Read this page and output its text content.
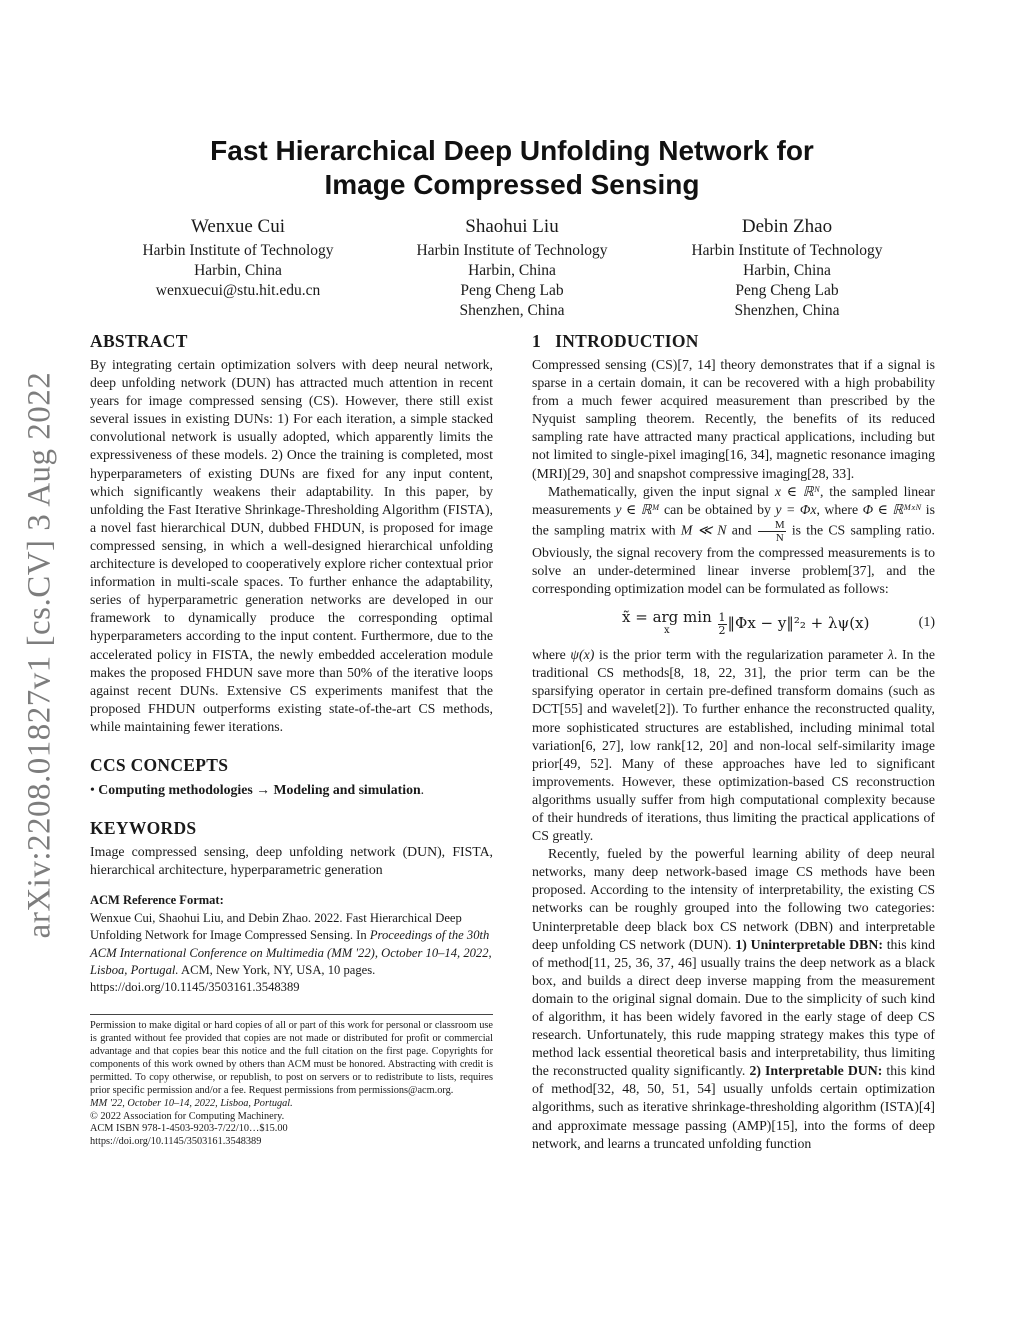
arXiv:2208.01827v1 [cs.CV] 3 Aug 2022
Fast Hierarchical Deep Unfolding Network for
Image Compressed Sensing
Wenxue Cui
Harbin Institute of Technology
Harbin, China
wenxuecui@stu.hit.edu.cn
Shaohui Liu
Harbin Institute of Technology
Harbin, China
Peng Cheng Lab
Shenzhen, China
Debin Zhao
Harbin Institute of Technology
Harbin, China
Peng Cheng Lab
Shenzhen, China
ABSTRACT

By integrating certain optimization solvers with deep neural network, deep unfolding network (DUN) has attracted much attention in recent years for image compressed sensing (CS). However, there still exist several issues in existing DUNs: 1) For each iteration, a simple stacked convolutional network is usually adopted, which apparently limits the expressiveness of these models. 2) Once the training is completed, most hyperparameters of existing DUNs are fixed for any input content, which significantly weakens their adaptability. In this paper, by unfolding the Fast Iterative Shrinkage-Thresholding Algorithm (FISTA), a novel fast hierarchical DUN, dubbed FHDUN, is proposed for image compressed sensing, in which a well-designed hierarchical unfolding architecture is developed to cooperatively explore richer contextual prior information in multi-scale spaces. To further enhance the adaptability, series of hyperparametric generation networks are developed in our framework to dynamically produce the corresponding optimal hyperparameters according to the input content. Furthermore, due to the accelerated policy in FISTA, the newly embedded acceleration module makes the proposed FHDUN save more than 50% of the iterative loops against recent DUNs. Extensive CS experiments manifest that the proposed FHDUN outperforms existing state-of-the-art CS methods, while maintaining fewer iterations.

CCS CONCEPTS
• Computing methodologies → Modeling and simulation.
KEYWORDS

Image compressed sensing, deep unfolding network (DUN), FISTA, hierarchical architecture, hyperparametric generation

ACM Reference Format:

Wenxue Cui, Shaohui Liu, and Debin Zhao. 2022. Fast Hierarchical Deep Unfolding Network for Image Compressed Sensing. In Proceedings of the 30th ACM International Conference on Multimedia (MM '22), October 10–14, 2022, Lisboa, Portugal. ACM, New York, NY, USA, 10 pages. https://doi.org/10.1145/3503161.3548389

Permission to make digital or hard copies of all or part of this work for personal or classroom use is granted without fee provided that copies are not made or distributed for profit or commercial advantage and that copies bear this notice and the full citation on the first page. Copyrights for components of this work owned by others than ACM must be honored. Abstracting with credit is permitted. To copy otherwise, or republish, to post on servers or to redistribute to lists, requires prior specific permission and/or a fee. Request permissions from permissions@acm.org.

MM '22, October 10–14, 2022, Lisboa, Portugal.

© 2022 Association for Computing Machinery.

ACM ISBN 978-1-4503-9203-7/22/10…$15.00

https://doi.org/10.1145/3503161.3548389

1 INTRODUCTION

Compressed sensing (CS)[7, 14] theory demonstrates that if a signal is sparse in a certain domain, it can be recovered with a high probability from a much fewer acquired measurement than prescribed by the Nyquist sampling theorem. Recently, the benefits of its reduced sampling rate have attracted many practical applications, including but not limited to single-pixel imaging[16, 34], magnetic resonance imaging (MRI)[29, 30] and snapshot compressive imaging[28, 33].

Mathematically, given the input signal x ∈ ℝᴺ, the sampled linear measurements y ∈ ℝᴹ can be obtained by y = Φx, where Φ ∈ ℝᴹˣᴺ is the sampling matrix with M ≪ N and $\frac{M}{N}$ is the CS sampling ratio. Obviously, the signal recovery from the compressed measurements is to solve an under-determined linear inverse problem[37], and the corresponding optimization model can be formulated as follows:

x̃ = arg min
x
	$\frac{1}{2}$ ‖Φx − y‖²₂ + λψ(x)	(1)

where ψ(x) is the prior term with the regularization parameter λ. In the traditional CS methods[8, 18, 22, 31], the prior term can be the sparsifying operator in certain pre-defined transform domains (such as DCT[55] and wavelet[2]). To further enhance the reconstructed quality, more sophisticated structures are established, including minimal total variation[6, 27], low rank[12, 20] and non-local self-similarity image prior[49, 52]. Many of these approaches have led to significant improvements. However, these optimization-based CS reconstruction algorithms usually suffer from high computational complexity because of their hundreds of iterations, thus limiting the practical applications of CS greatly.

Recently, fueled by the powerful learning ability of deep neural networks, many deep network-based image CS methods have been proposed. According to the intensity of interpretability, the existing CS networks can be roughly grouped into the following two categories: Uninterpretable deep black box CS network (DBN) and interpretable deep unfolding CS network (DUN). 1) Uninterpretable DBN: this kind of method[11, 25, 36, 37, 46] usually trains the deep network as a black box, and builds a direct deep inverse mapping from the measurement domain to the original signal domain. Due to the simplicity of such kind of algorithm, it has been widely favored in the early stage of deep CS research. Unfortunately, this rude mapping strategy makes this type of method lack essential theoretical basis and interpretability, thus limiting the reconstructed quality significantly. 2) Interpretable DUN: this kind of method[32, 48, 50, 51, 54] usually unfolds certain optimization algorithms, such as iterative shrinkage-thresholding algorithm (ISTA)[4] and approximate message passing (AMP)[15], into the forms of deep network, and learns a truncated unfolding function
